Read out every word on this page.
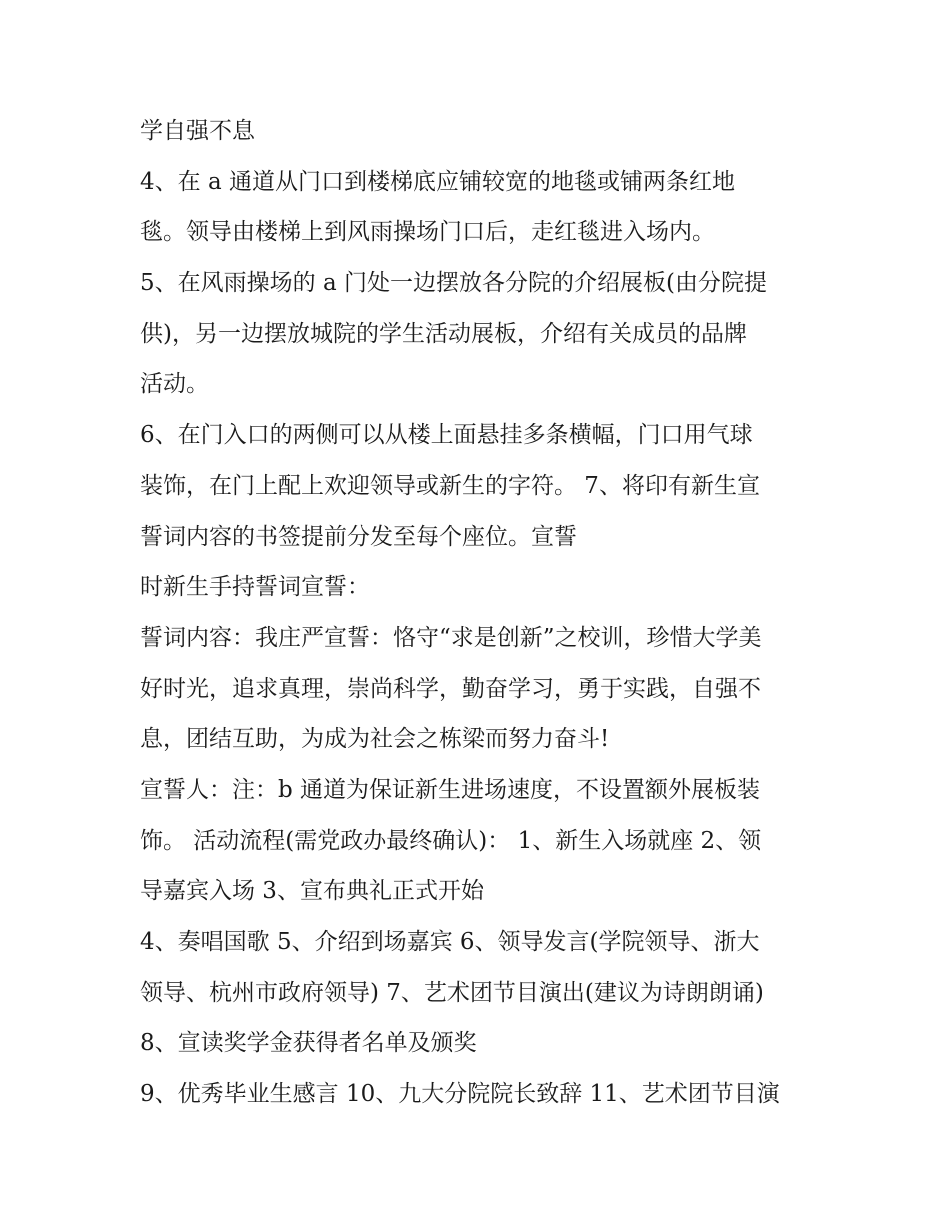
学自强不息
4、在 a 通道从门口到楼梯底应铺较宽的地毯或铺两条红地
毯。领导由楼梯上到风雨操场门口后，走红毯进入场内。
5、在风雨操场的 a 门处一边摆放各分院的介绍展板(由分院提
供)，另一边摆放城院的学生活动展板，介绍有关成员的品牌
活动。
6、在门入口的两侧可以从楼上面悬挂多条横幅，门口用气球
装饰，在门上配上欢迎领导或新生的字符。 7、将印有新生宣
誓词内容的书签提前分发至每个座位。宣誓
时新生手持誓词宣誓：
誓词内容：我庄严宣誓：恪守“求是创新”之校训，珍惜大学美
好时光，追求真理，崇尚科学，勤奋学习，勇于实践，自强不
息，团结互助，为成为社会之栋梁而努力奋斗!
宣誓人：注：b 通道为保证新生进场速度，不设置额外展板装
饰。 活动流程(需党政办最终确认)： 1、新生入场就座 2、领
导嘉宾入场 3、宣布典礼正式开始
4、奏唱国歌 5、介绍到场嘉宾 6、领导发言(学院领导、浙大
领导、杭州市政府领导) 7、艺术团节目演出(建议为诗朗朗诵)
8、宣读奖学金获得者名单及颁奖
9、优秀毕业生感言 10、九大分院院长致辞 11、艺术团节目演
